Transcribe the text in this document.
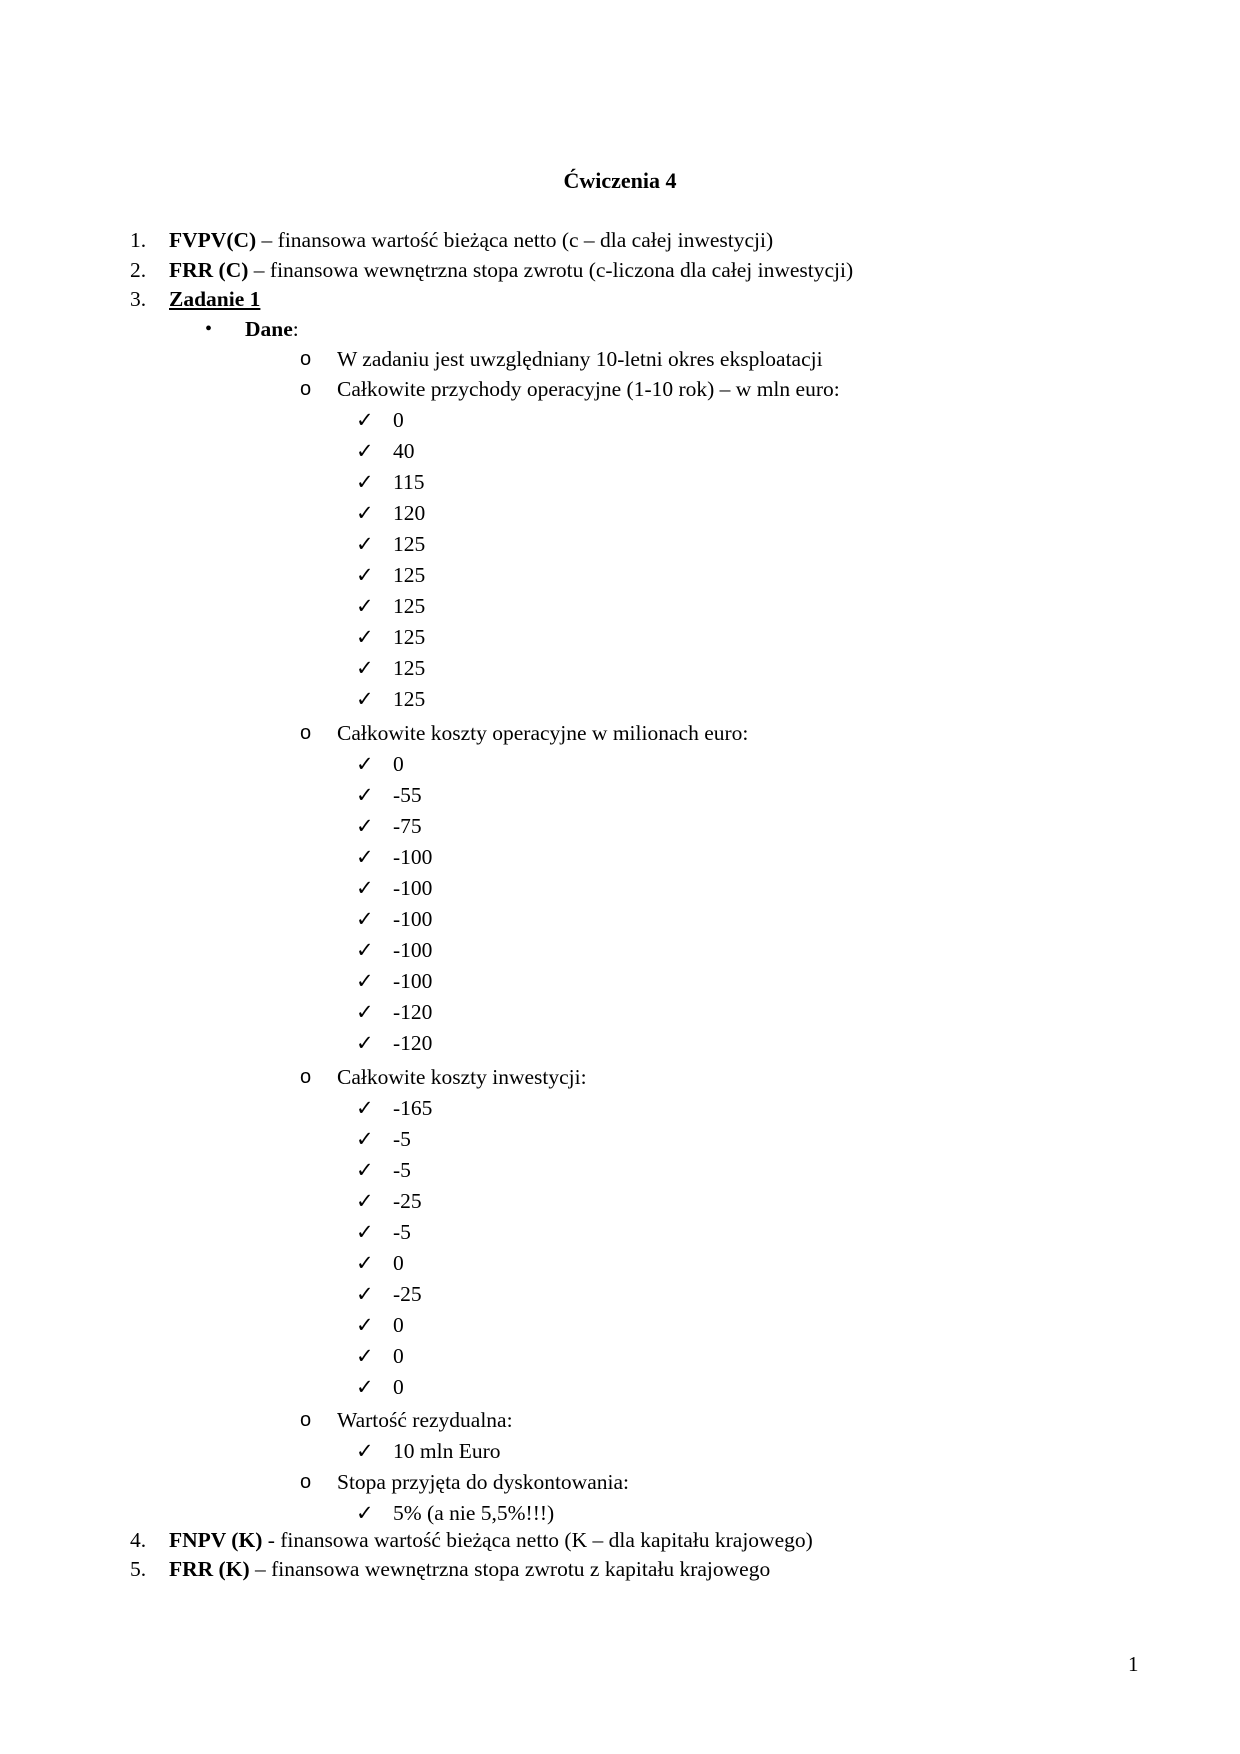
Ćwiczenia 4
1.	FVPV(C) – finansowa wartość bieżąca netto (c – dla całej inwestycji)
2.	FRR (C) – finansowa wewnętrzna stopa zwrotu (c-liczona dla całej inwestycji)
3.	Zadanie 1
• Dane:
o W zadaniu jest uwzględniany 10-letni okres eksploatacji
o Całkowite przychody operacyjne (1-10 rok) – w mln euro:
✓ 0
✓ 40
✓ 115
✓ 120
✓ 125
✓ 125
✓ 125
✓ 125
✓ 125
✓ 125
o Całkowite koszty operacyjne w milionach euro:
✓ 0
✓ -55
✓ -75
✓ -100
✓ -100
✓ -100
✓ -100
✓ -100
✓ -120
✓ -120
o Całkowite koszty inwestycji:
✓ -165
✓ -5
✓ -5
✓ -25
✓ -5
✓ 0
✓ -25
✓ 0
✓ 0
✓ 0
o Wartość rezydualna:
✓ 10 mln Euro
o Stopa przyjęta do dyskontowania:
✓ 5% (a nie 5,5%!!!)
4.	FNPV (K) - finansowa wartość bieżąca netto (K – dla kapitału krajowego)
5.	FRR (K) – finansowa wewnętrzna stopa zwrotu z kapitału krajowego
1
